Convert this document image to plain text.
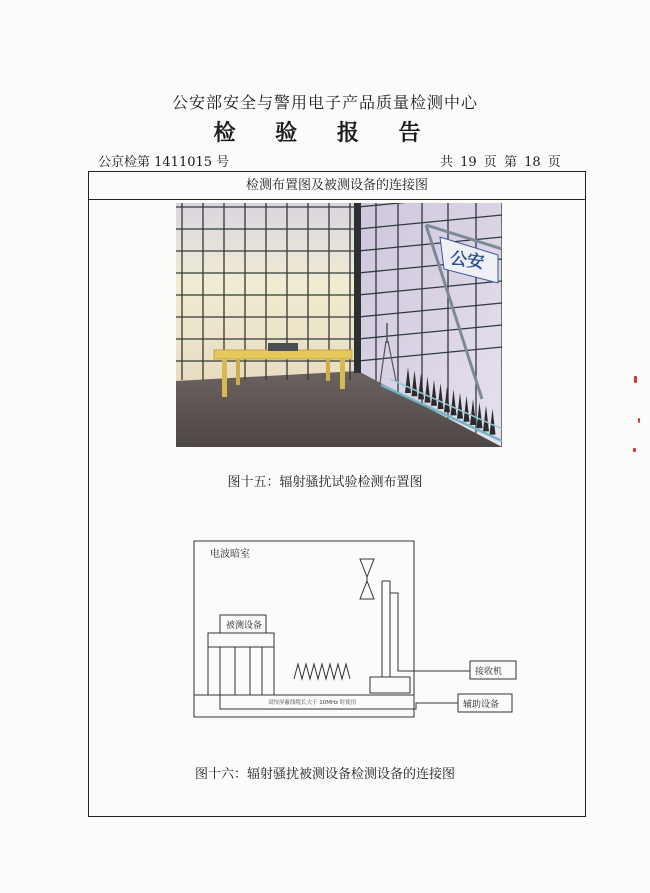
公安部安全与警用电子产品质量检测中心
检 验 报 告
公京检第 1411015 号	共 19 页 第 18 页
检测布置图及被测设备的连接图
公安
图十五：辐射骚扰试验检测布置图
电波暗室
被测设备
接收机
辅助设备
双绞屏蔽线缆长大于 10MHz 时使用
图十六：辐射骚扰被测设备检测设备的连接图
